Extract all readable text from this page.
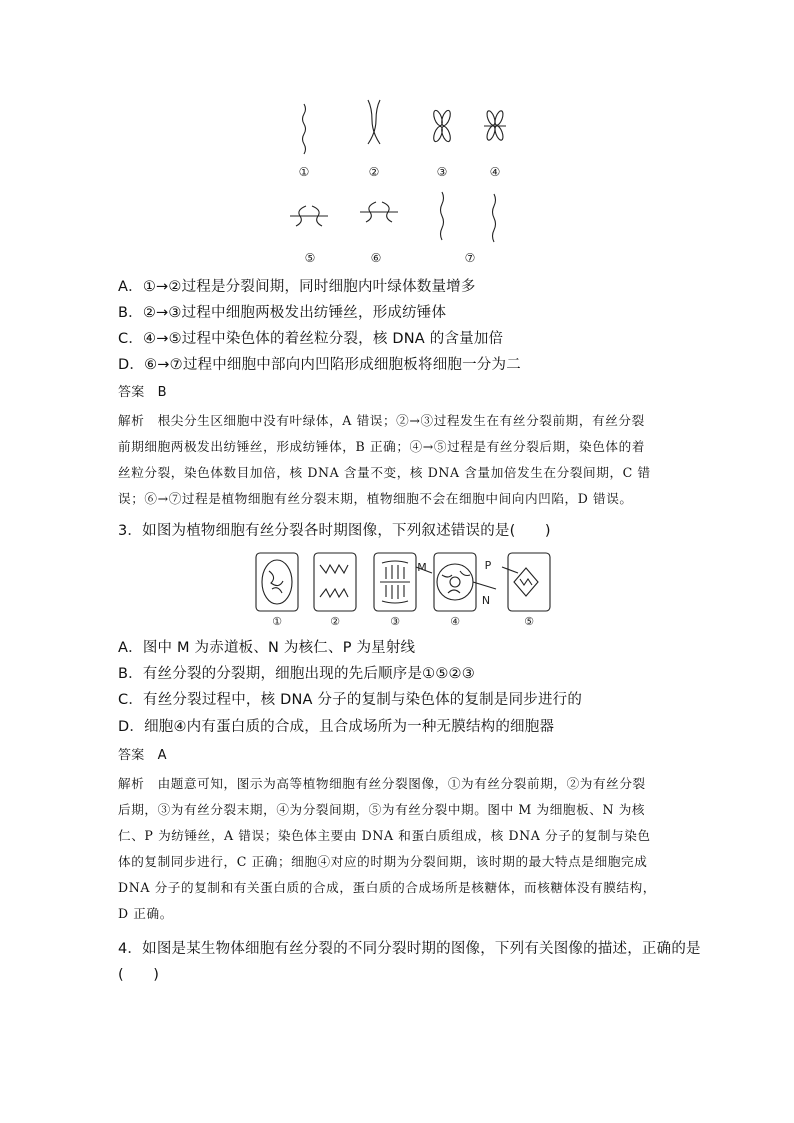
①	②	③	④
⑤	⑥	⑦
A．①→②过程是分裂间期，同时细胞内叶绿体数量增多
B．②→③过程中细胞两极发出纺锤丝，形成纺锤体
C．④→⑤过程中染色体的着丝粒分裂，核 DNA 的含量加倍
D．⑥→⑦过程中细胞中部向内凹陷形成细胞板将细胞一分为二
答案　B
解析　根尖分生区细胞中没有叶绿体，A 错误；②→③过程发生在有丝分裂前期，有丝分裂
前期细胞两极发出纺锤丝，形成纺锤体，B 正确；④→⑤过程是有丝分裂后期，染色体的着
丝粒分裂，染色体数目加倍，核 DNA 含量不变，核 DNA 含量加倍发生在分裂间期，C 错
误；⑥→⑦过程是植物细胞有丝分裂末期，植物细胞不会在细胞中间向内凹陷，D 错误。
3．如图为植物细胞有丝分裂各时期图像，下列叙述错误的是(　　)
M
N
P
①	②	③	④	⑤
A．图中 M 为赤道板、N 为核仁、P 为星射线
B．有丝分裂的分裂期，细胞出现的先后顺序是①⑤②③
C．有丝分裂过程中，核 DNA 分子的复制与染色体的复制是同步进行的
D．细胞④内有蛋白质的合成，且合成场所为一种无膜结构的细胞器
答案　A
解析　由题意可知，图示为高等植物细胞有丝分裂图像，①为有丝分裂前期，②为有丝分裂
后期，③为有丝分裂末期，④为分裂间期，⑤为有丝分裂中期。图中 M 为细胞板、N 为核
仁、P 为纺锤丝，A 错误；染色体主要由 DNA 和蛋白质组成，核 DNA 分子的复制与染色
体的复制同步进行，C 正确；细胞④对应的时期为分裂间期，该时期的最大特点是细胞完成
DNA 分子的复制和有关蛋白质的合成，蛋白质的合成场所是核糖体，而核糖体没有膜结构，
D 正确。
4．如图是某生物体细胞有丝分裂的不同分裂时期的图像，下列有关图像的描述，正确的是
(　　)
